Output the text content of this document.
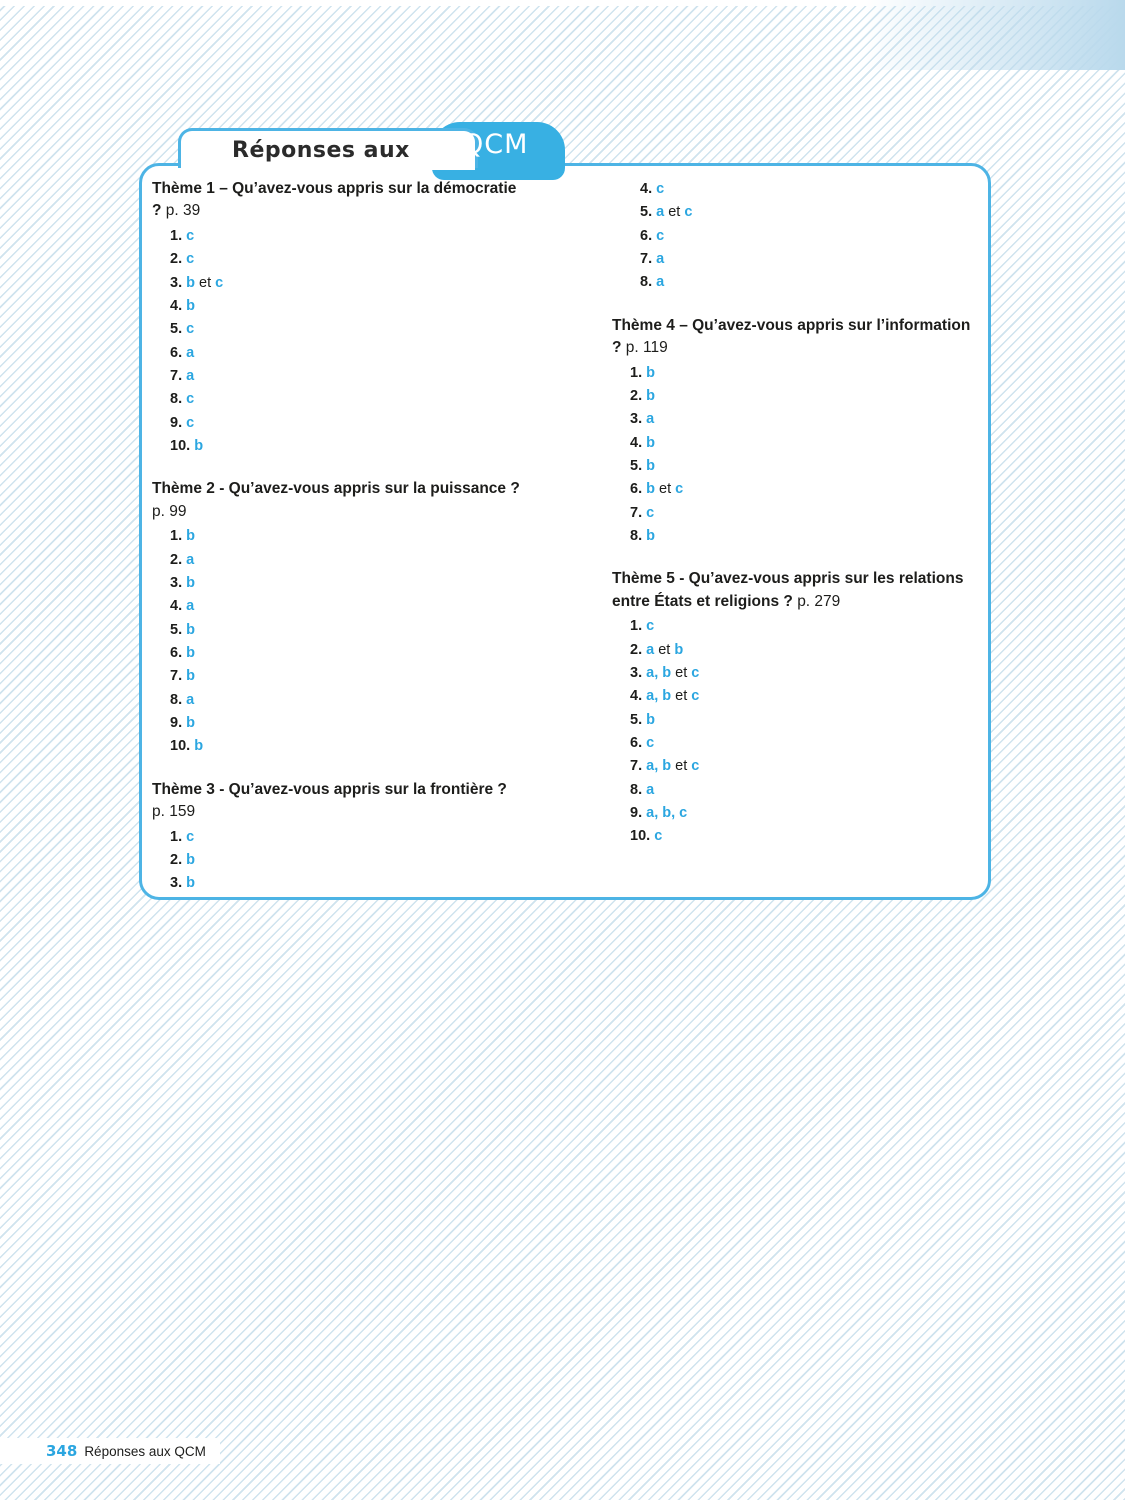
Réponses aux QCM

Thème 1 – Qu’avez-vous appris sur la démocratie ? p. 39

1. c
2. c
3. b et c
4. b
5. c
6. a
7. a
8. c
9. c
10. b

Thème 2 - Qu’avez-vous appris sur la puissance ? p. 99

1. b
2. a
3. b
4. a
5. b
6. b
7. b
8. a
9. b
10. b

Thème 3 - Qu’avez-vous appris sur la frontière ? p. 159

1. c
2. b
3. b
4. c
5. a et c
6. c
7. a
8. a

Thème 4 – Qu’avez-vous appris sur l’information ? p. 119

1. b
2. b
3. a
4. b
5. b
6. b et c
7. c
8. b

Thème 5 - Qu’avez-vous appris sur les relations entre États et religions ? p. 279

1. c
2. a et b
3. a, b et c
4. a, b et c
5. b
6. c
7. a, b et c
8. a
9. a, b, c
10. c
348 Réponses aux QCM
